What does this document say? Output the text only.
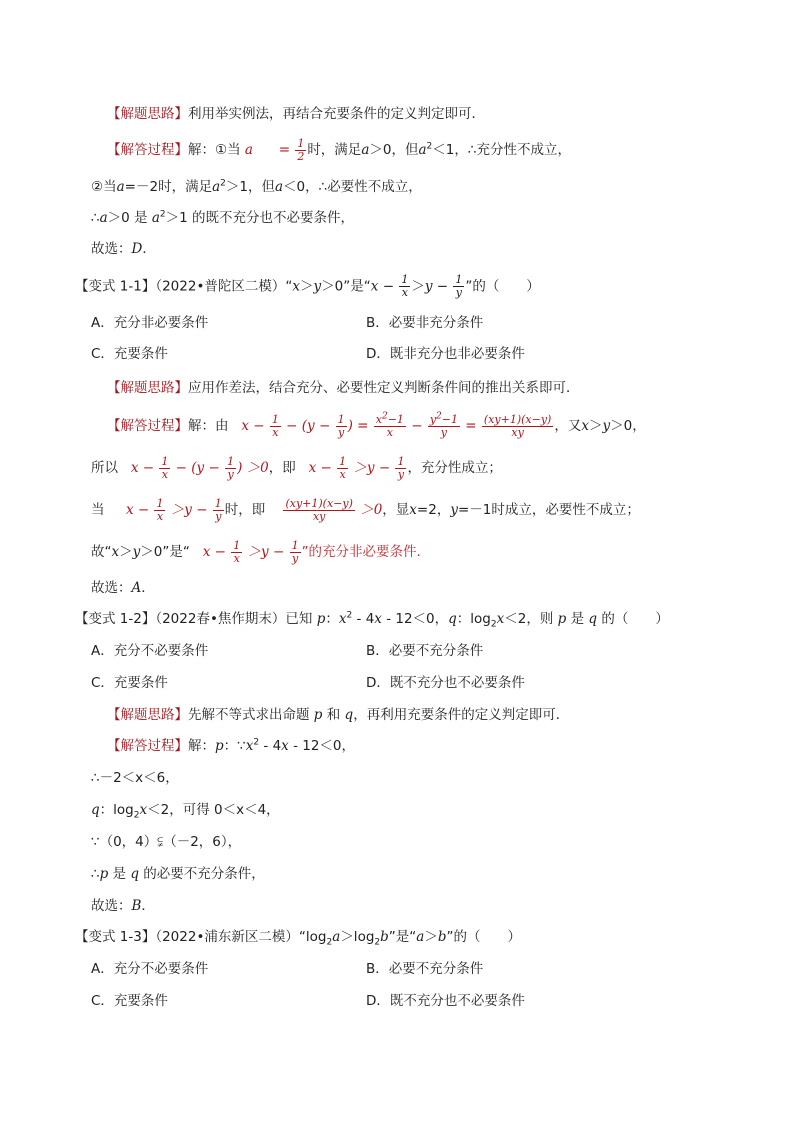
【解题思路】利用举实例法，再结合充要条件的定义判定即可．
【解答过程】解：①当 a      = $\frac{1}{2}$ 时，满足a＞0，但$a^2<1$，∴充分性不成立，
②当a=－2时，满足$a^2>1$，但a＜0，∴必要性不成立，
∴a＞0 是 $a^2>1$ 的既不充分也不必要条件，
故选：D．
【变式 1-1】（2022•普陀区二模）“x＞y＞0”是“$x - \frac{1}{x} >y - \frac{1}{y}$ ”的（　　）
A．充分非必要条件	B．必要非充分条件
C．充要条件	D．既非充分也非必要条件
【解题思路】应用作差法，结合充分、必要性定义判断条件间的推出关系即可．
【解答过程】解：由   $x - \frac{1}{x} - (y - \frac{1}{y}$ ) = $\frac{x^2-1}{x} - \frac{y^2-1}{y} = \frac{(xy+1)(x-y)}{xy}$ ，又x＞y＞0，
所以   $x - \frac{1}{x} - (y - \frac{1}{y}$ ) ＞0，即   $x - \frac{1}{x} >y - \frac{1}{y}$ ，充分性成立；
当     $x - \frac{1}{x} >y - \frac{1}{y}$ 时，即 $\frac{(xy+1)(x-y)}{xy} >0$，显x=2，y=－1时成立，必要性不成立；
故“x＞y＞0”是“   $x - \frac{1}{x} >y - \frac{1}{y}$ ”的充分非必要条件.
故选：A．
【变式 1-2】（2022春•焦作期末）已知 p：$x^2 - 4x - 12<0$，q：$\log_2x<2$，则 p 是 q 的（　　）
A．充分不必要条件	B．必要不充分条件
C．充要条件	D．既不充分也不必要条件
【解题思路】先解不等式求出命题 p 和 q，再利用充要条件的定义判定即可．
【解答过程】解：p：$\because x^2 - 4x - 12<0$，
∴－2＜x＜6，
q：$\log_2x<2$，可得 0＜x＜4，
∵（0，4）⫋（－2，6），
∴p 是 q 的必要不充分条件，
故选：B．
【变式 1-3】（2022•浦东新区二模）“$\log_2a>\log_2b$”是“a＞b”的（　　）
A．充分不必要条件	B．必要不充分条件
C．充要条件	D．既不充分也不必要条件
